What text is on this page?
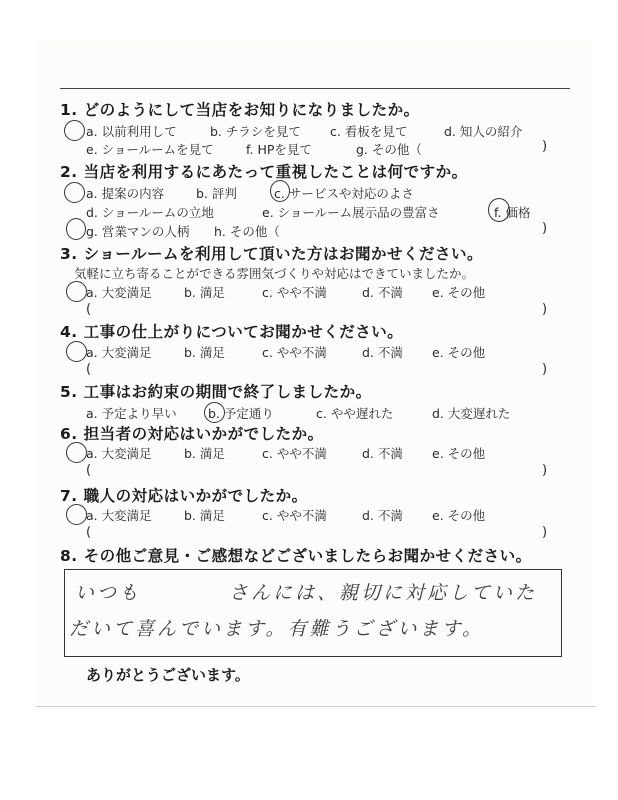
1. どのようにして当店をお知りになりましたか。
a. 以前利用して	b. チラシを見て c. 看板を見て	d. 知人の紹介
e. ショールームを見て	f. HPを見て	g. その他（	)
2. 当店を利用するにあたって重視したことは何ですか。
a. 提案の内容	b. 評判	c. サービスや対応のよさ
d. ショールームの立地	e. ショールーム展示品の豊富さ	f. 価格
g. 営業マンの人柄 h. その他（	)
3. ショールームを利用して頂いた方はお聞かせください。
気軽に立ち寄ることができる雰囲気づくりや対応はできていましたか。
a. 大変満足	b. 満足	c. やや不満	d. 不満 e. その他
(	)
4. 工事の仕上がりについてお聞かせください。
a. 大変満足	b. 満足	c. やや不満	d. 不満 e. その他
(	)
5. 工事はお約束の期間で終了しましたか。
a. 予定より早い	b. 予定通り	c. やや遅れた	d. 大変遅れた
6. 担当者の対応はいかがでしたか。
a. 大変満足	b. 満足	c. やや不満	d. 不満 e. その他
(	)
7. 職人の対応はいかがでしたか。
a. 大変満足	b. 満足	c. やや不満	d. 不満 e. その他
(	)
8. その他ご意見・ご感想などございましたらお聞かせください。
いつも　　　　さんには、親切に対応していた
だいて喜んでいます。有難うございます。
ありがとうございます。
